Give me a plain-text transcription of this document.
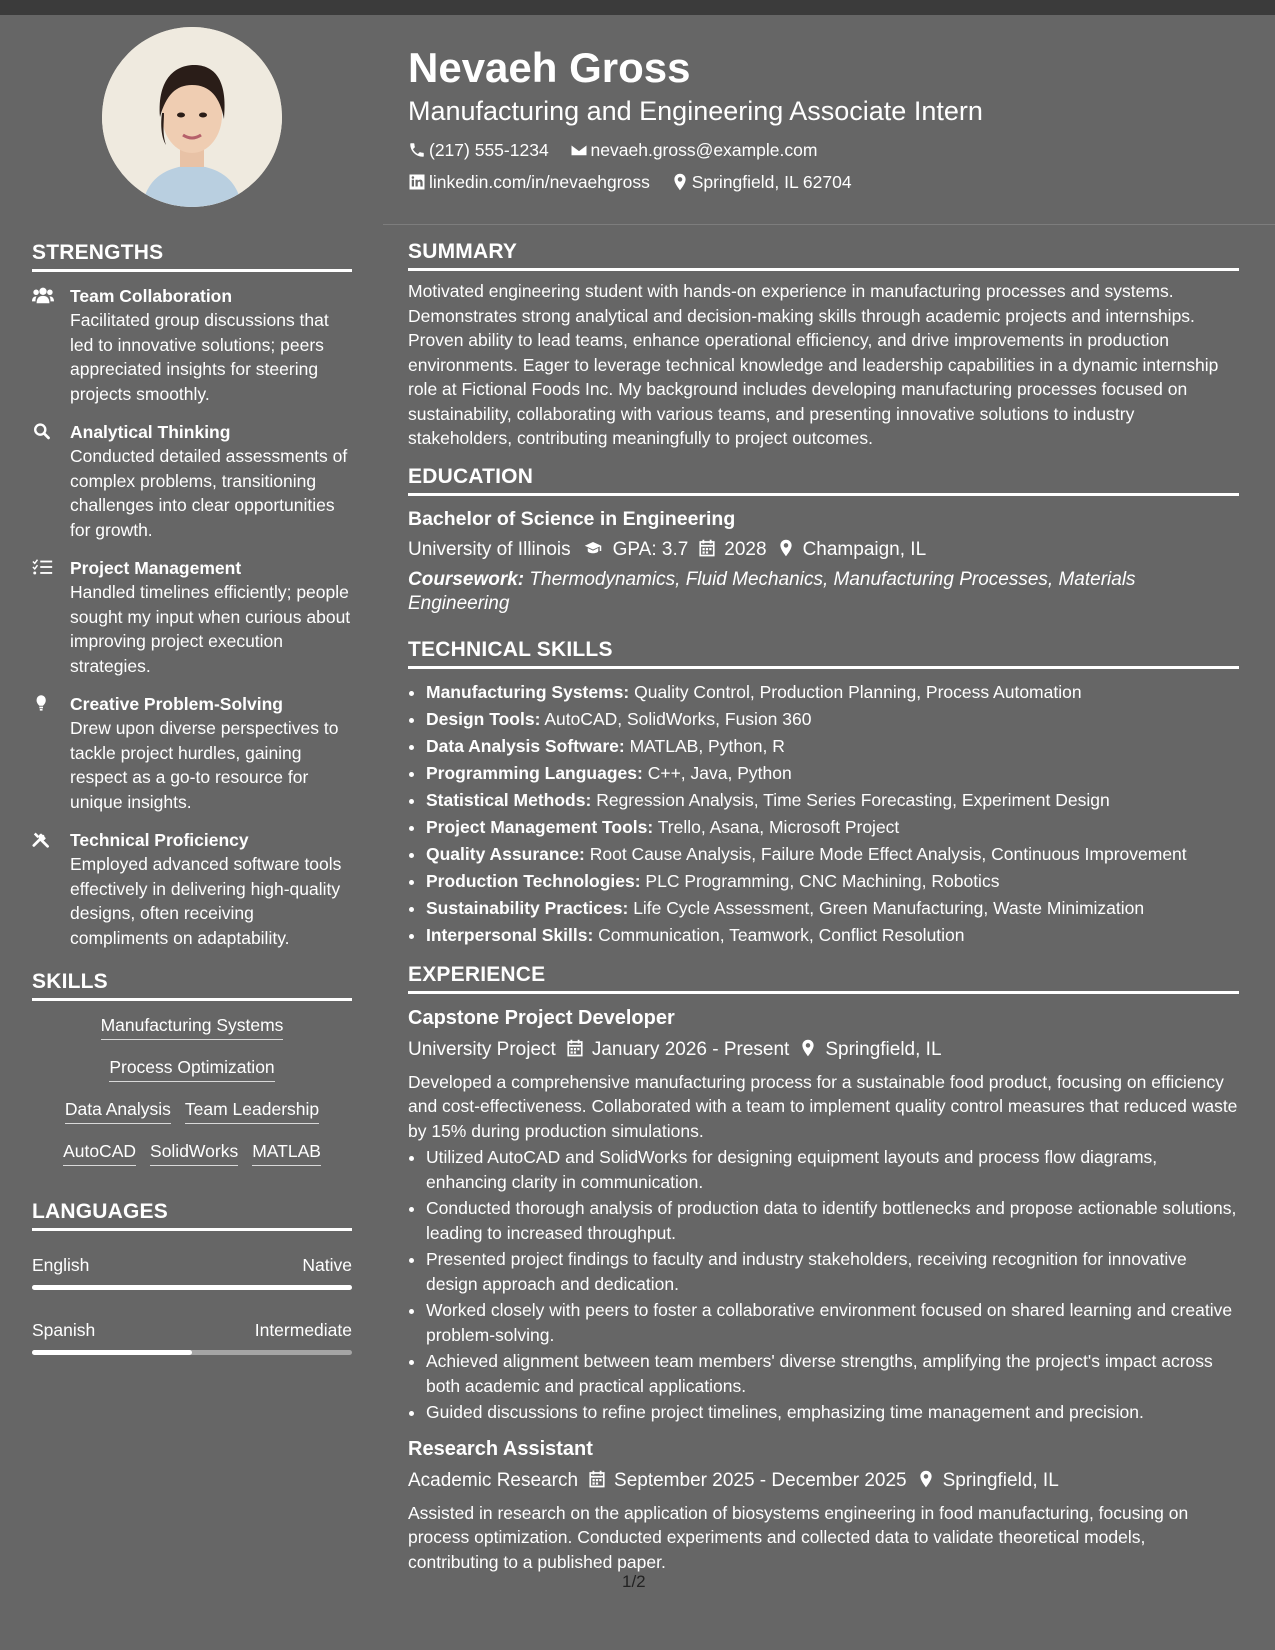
STRENGTHS
Team Collaboration
Facilitated group discussions that led to innovative solutions; peers appreciated insights for steering projects smoothly.
Analytical Thinking
Conducted detailed assessments of complex problems, transitioning challenges into clear opportunities for growth.
Project Management
Handled timelines efficiently; people sought my input when curious about improving project execution strategies.
Creative Problem-Solving
Drew upon diverse perspectives to tackle project hurdles, gaining respect as a go-to resource for unique insights.
Technical Proficiency
Employed advanced software tools effectively in delivering high-quality designs, often receiving compliments on adaptability.
SKILLS
Manufacturing Systems
Process Optimization
Data Analysis Team Leadership
AutoCAD SolidWorks MATLAB
LANGUAGES
English	Native
Spanish	Intermediate
Nevaeh Gross
Manufacturing and Engineering Associate Intern
(217) 555-1234 nevaeh.gross@example.com
linkedin.com/in/nevaehgross Springfield, IL 62704
SUMMARY
Motivated engineering student with hands-on experience in manufacturing processes and systems. Demonstrates strong analytical and decision-making skills through academic projects and internships. Proven ability to lead teams, enhance operational efficiency, and drive improvements in production environments. Eager to leverage technical knowledge and leadership capabilities in a dynamic internship role at Fictional Foods Inc. My background includes developing manufacturing processes focused on sustainability, collaborating with various teams, and presenting innovative solutions to industry stakeholders, contributing meaningfully to project outcomes.
EDUCATION
Bachelor of Science in Engineering
University of Illinois GPA: 3.7 2028 Champaign, IL
Coursework: Thermodynamics, Fluid Mechanics, Manufacturing Processes, Materials Engineering
TECHNICAL SKILLS
• Manufacturing Systems: Quality Control, Production Planning, Process Automation
• Design Tools: AutoCAD, SolidWorks, Fusion 360
• Data Analysis Software: MATLAB, Python, R
• Programming Languages: C++, Java, Python
• Statistical Methods: Regression Analysis, Time Series Forecasting, Experiment Design
• Project Management Tools: Trello, Asana, Microsoft Project
• Quality Assurance: Root Cause Analysis, Failure Mode Effect Analysis, Continuous Improvement
• Production Technologies: PLC Programming, CNC Machining, Robotics
• Sustainability Practices: Life Cycle Assessment, Green Manufacturing, Waste Minimization
• Interpersonal Skills: Communication, Teamwork, Conflict Resolution
EXPERIENCE
Capstone Project Developer
University Project January 2026 - Present Springfield, IL
Developed a comprehensive manufacturing process for a sustainable food product, focusing on efficiency and cost-effectiveness. Collaborated with a team to implement quality control measures that reduced waste by 15% during production simulations.
• Utilized AutoCAD and SolidWorks for designing equipment layouts and process flow diagrams, enhancing clarity in communication.
• Conducted thorough analysis of production data to identify bottlenecks and propose actionable solutions, leading to increased throughput.
• Presented project findings to faculty and industry stakeholders, receiving recognition for innovative design approach and dedication.
• Worked closely with peers to foster a collaborative environment focused on shared learning and creative problem-solving.
• Achieved alignment between team members' diverse strengths, amplifying the project's impact across both academic and practical applications.
• Guided discussions to refine project timelines, emphasizing time management and precision.
Research Assistant
Academic Research September 2025 - December 2025 Springfield, IL
Assisted in research on the application of biosystems engineering in food manufacturing, focusing on process optimization. Conducted experiments and collected data to validate theoretical models, contributing to a published paper.
1/2
